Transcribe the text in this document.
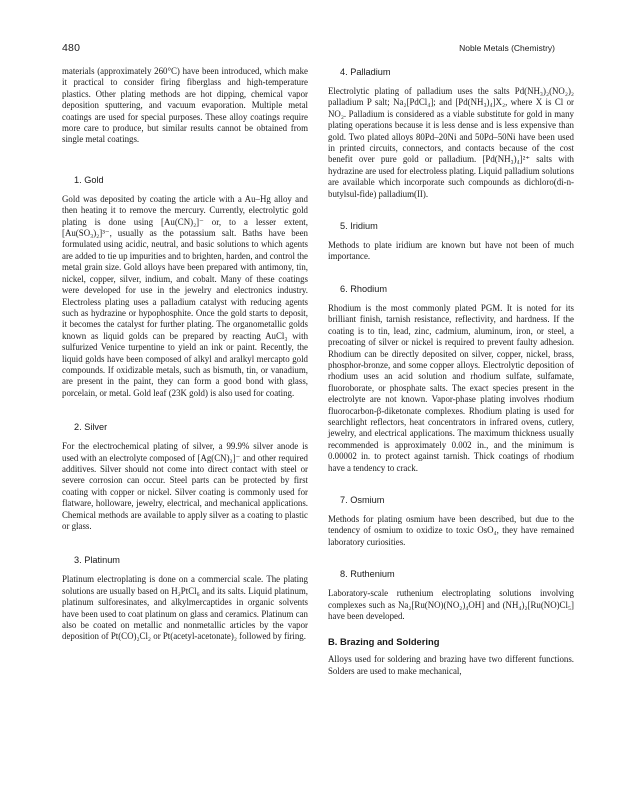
480	Noble Metals (Chemistry)

materials (approximately 260°C) have been introduced, which make it practical to consider firing fiberglass and high-temperature plastics. Other plating methods are hot dipping, chemical vapor deposition sputtering, and vacuum evaporation. Multiple metal coatings are used for special purposes. These alloy coatings require more care to produce, but similar results cannot be obtained from single metal coatings.

1. Gold

Gold was deposited by coating the article with a Au–Hg alloy and then heating it to remove the mercury. Currently, electrolytic gold plating is done using [Au(CN)₂]⁻ or, to a lesser extent, [Au(SO₃)₂]³⁻, usually as the potassium salt. Baths have been formulated using acidic, neutral, and basic solutions to which agents are added to tie up impurities and to brighten, harden, and control the metal grain size. Gold alloys have been prepared with antimony, tin, nickel, copper, silver, indium, and cobalt. Many of these coatings were developed for use in the jewelry and electronics industry. Electroless plating uses a palladium catalyst with reducing agents such as hydrazine or hypophosphite. Once the gold starts to deposit, it becomes the catalyst for further plating. The organometallic golds known as liquid golds can be prepared by reacting AuCl₃ with sulfurized Venice turpentine to yield an ink or paint. Recently, the liquid golds have been composed of alkyl and aralkyl mercapto gold compounds. If oxidizable metals, such as bismuth, tin, or vanadium, are present in the paint, they can form a good bond with glass, porcelain, or metal. Gold leaf (23K gold) is also used for coating.

2. Silver

For the electrochemical plating of silver, a 99.9% silver anode is used with an electrolyte composed of [Ag(CN)₂]⁻ and other required additives. Silver should not come into direct contact with steel or severe corrosion can occur. Steel parts can be protected by first coating with copper or nickel. Silver coating is commonly used for flatware, holloware, jewelry, electrical, and mechanical applications. Chemical methods are available to apply silver as a coating to plastic or glass.

3. Platinum

Platinum electroplating is done on a commercial scale. The plating solutions are usually based on H₂PtCl₆ and its salts. Liquid platinum, platinum sulforesinates, and alkylmercaptides in organic solvents have been used to coat platinum on glass and ceramics. Platinum can also be coated on metallic and nonmetallic articles by the vapor deposition of Pt(CO)₂Cl₂ or Pt(acetyl-acetonate)₂ followed by firing.

4. Palladium

Electrolytic plating of palladium uses the salts Pd(NH₃)₂(NO₂)₂ palladium P salt; Na₂[PdCl₄]; and [Pd(NH₃)₄]X₂, where X is Cl or NO₂. Palladium is considered as a viable substitute for gold in many plating operations because it is less dense and is less expensive than gold. Two plated alloys 80Pd–20Ni and 50Pd–50Ni have been used in printed circuits, connectors, and contacts because of the cost benefit over pure gold or palladium. [Pd(NH₃)₄]²⁺ salts with hydrazine are used for electroless plating. Liquid palladium solutions are available which incorporate such compounds as dichloro(di-n-butylsul-fide) palladium(II).

5. Iridium

Methods to plate iridium are known but have not been of much importance.

6. Rhodium

Rhodium is the most commonly plated PGM. It is noted for its brilliant finish, tarnish resistance, reflectivity, and hardness. If the coating is to tin, lead, zinc, cadmium, aluminum, iron, or steel, a precoating of silver or nickel is required to prevent faulty adhesion. Rhodium can be directly deposited on silver, copper, nickel, brass, phosphor-bronze, and some copper alloys. Electrolytic deposition of rhodium uses an acid solution and rhodium sulfate, sulfamate, fluoroborate, or phosphate salts. The exact species present in the electrolyte are not known. Vapor-phase plating involves rhodium fluorocarbon-β-diketonate complexes. Rhodium plating is used for searchlight reflectors, heat concentrators in infrared ovens, cutlery, jewelry, and electrical applications. The maximum thickness usually recommended is approximately 0.002 in., and the minimum is 0.00002 in. to protect against tarnish. Thick coatings of rhodium have a tendency to crack.

7. Osmium

Methods for plating osmium have been described, but due to the tendency of osmium to oxidize to toxic OsO₄, they have remained laboratory curiosities.

8. Ruthenium

Laboratory-scale ruthenium electroplating solutions involving complexes such as Na₂[Ru(NO)(NO₂)₄OH] and (NH₄)₂[Ru(NO)Cl₅] have been developed.

B. Brazing and Soldering

Alloys used for soldering and brazing have two different functions. Solders are used to make mechanical,
